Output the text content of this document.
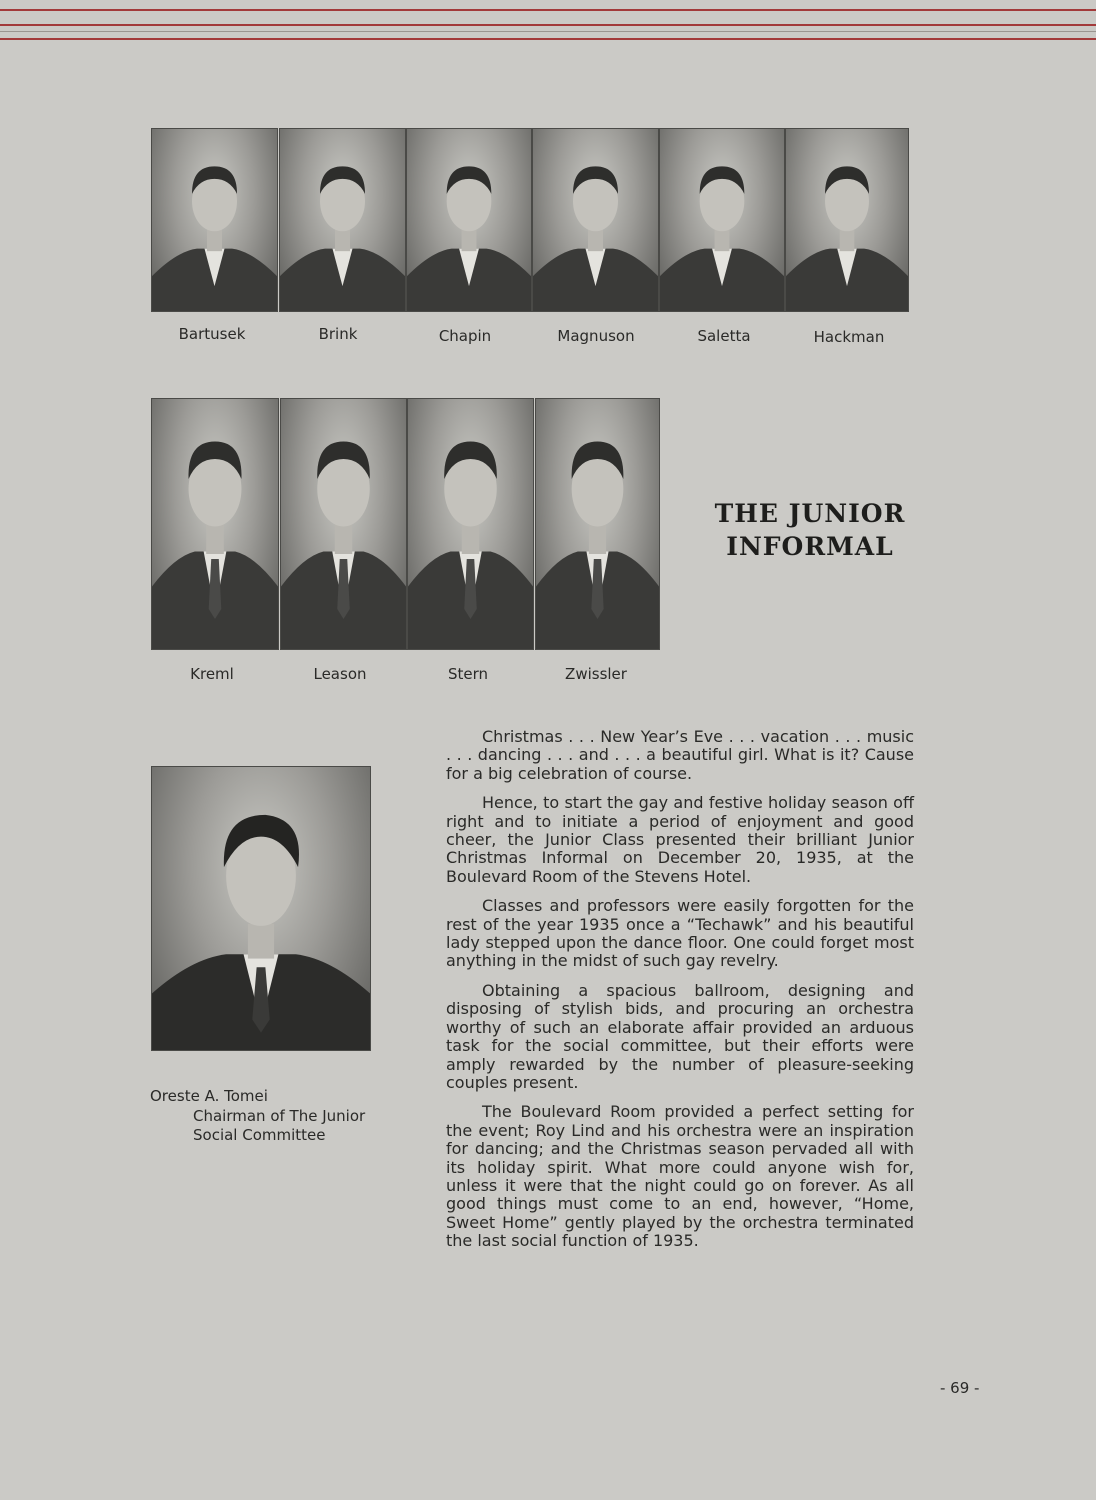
Bartusek	Brink	Chapin	Magnuson	Saletta	Hackman
Kreml	Leason	Stern	Zwissler
THE JUNIOR
INFORMAL
Oreste A. Tomei
Chairman of The Junior
Social Committee

Christmas . . . New Year’s Eve . . . vacation . . . music . . . dancing . . . and . . . a beautiful girl. What is it? Cause for a big celebration of course.

Hence, to start the gay and festive holiday season off right and to initiate a period of enjoyment and good cheer, the Junior Class presented their brilliant Junior Christmas Informal on December 20, 1935, at the Boulevard Room of the Stevens Hotel.

Classes and professors were easily forgotten for the rest of the year 1935 once a “Techawk” and his beautiful lady stepped upon the dance floor. One could forget most anything in the midst of such gay revelry.

Obtaining a spacious ballroom, designing and disposing of stylish bids, and procuring an orchestra worthy of such an elaborate affair provided an arduous task for the social committee, but their efforts were amply rewarded by the number of pleasure-seeking couples present.

The Boulevard Room provided a perfect setting for the event; Roy Lind and his orchestra were an inspiration for dancing; and the Christmas season pervaded all with its holiday spirit. What more could anyone wish for, unless it were that the night could go on forever. As all good things must come to an end, however, “Home, Sweet Home” gently played by the orchestra terminated the last social function of 1935.

- 69 -
